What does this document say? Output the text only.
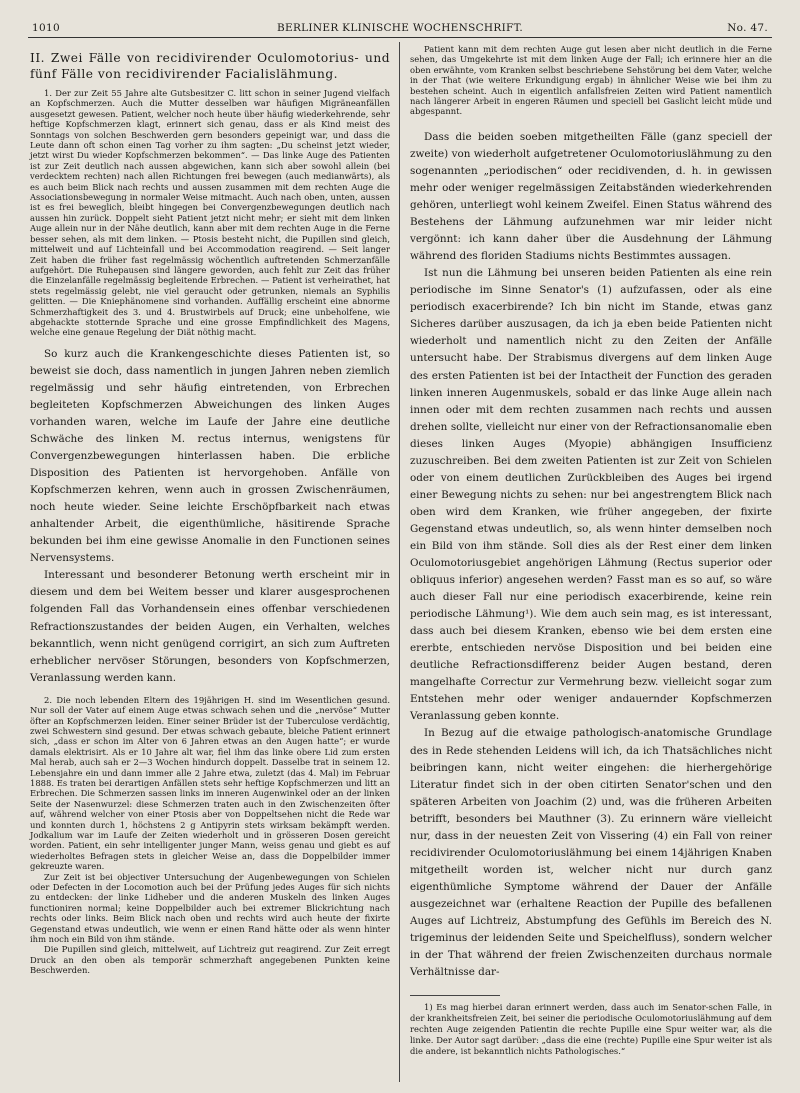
1010	BERLINER KLINISCHE WOCHENSCHRIFT.	No. 47.

II. Zwei Fälle von recidivirender Oculomotorius- und fünf Fälle von recidivirender Facialislähmung.

1. Der zur Zeit 55 Jahre alte Gutsbesitzer C. litt schon in seiner Jugend vielfach an Kopfschmerzen. Auch die Mutter desselben war häufigen Migräneanfällen ausgesetzt gewesen. Patient, welcher noch heute über häufig wiederkehrende, sehr heftige Kopfschmerzen klagt, erinnert sich genau, dass er als Kind meist des Sonntags von solchen Beschwerden gern besonders gepeinigt war, und dass die Leute dann oft schon einen Tag vorher zu ihm sagten: „Du scheinst jetzt wieder, jetzt wirst Du wieder Kopfschmerzen bekommen“. — Das linke Auge des Patienten ist zur Zeit deutlich nach aussen abgewichen, kann sich aber sowohl allein (bei verdecktem rechten) nach allen Richtungen frei bewegen (auch medianwärts), als es auch beim Blick nach rechts und aussen zusammen mit dem rechten Auge die Associationsbewegung in normaler Weise mitmacht. Auch nach oben, unten, aussen ist es frei beweglich, bleibt hingegen bei Convergenzbewegungen deutlich nach aussen hin zurück. Doppelt sieht Patient jetzt nicht mehr; er sieht mit dem linken Auge allein nur in der Nähe deutlich, kann aber mit dem rechten Auge in die Ferne besser sehen, als mit dem linken. — Ptosis besteht nicht, die Pupillen sind gleich, mittelweit und auf Lichteinfall und bei Accommodation reagirend. — Seit langer Zeit haben die früher fast regelmässig wöchentlich auftretenden Schmerzanfälle aufgehört. Die Ruhepausen sind längere geworden, auch fehlt zur Zeit das früher die Einzelanfälle regelmässig begleitende Erbrechen. — Patient ist verheirathet, hat stets regelmässig gelebt, nie viel geraucht oder getrunken, niemals an Syphilis gelitten. — Die Kniephänomene sind vorhanden. Auffällig erscheint eine abnorme Schmerzhaftigkeit des 3. und 4. Brustwirbels auf Druck; eine unbeholfene, wie abgehackte stotternde Sprache und eine grosse Empfindlichkeit des Magens, welche eine genaue Regelung der Diät nöthig macht.

So kurz auch die Krankengeschichte dieses Patienten ist, so beweist sie doch, dass namentlich in jungen Jahren neben ziemlich regelmässig und sehr häufig eintretenden, von Erbrechen begleiteten Kopfschmerzen Abweichungen des linken Auges vorhanden waren, welche im Laufe der Jahre eine deutliche Schwäche des linken M. rectus internus, wenigstens für Convergenzbewegungen hinterlassen haben. Die erbliche Disposition des Patienten ist hervorgehoben. Anfälle von Kopfschmerzen kehren, wenn auch in grossen Zwischenräumen, noch heute wieder. Seine leichte Erschöpfbarkeit nach etwas anhaltender Arbeit, die eigenthümliche, häsitirende Sprache bekunden bei ihm eine gewisse Anomalie in den Functionen seines Nervensystems.

Interessant und besonderer Betonung werth erscheint mir in diesem und dem bei Weitem besser und klarer ausgesprochenen folgenden Fall das Vorhandensein eines offenbar verschiedenen Refractionszustandes der beiden Augen, ein Verhalten, welches bekanntlich, wenn nicht genügend corrigirt, an sich zum Auftreten erheblicher nervöser Störungen, besonders von Kopfschmerzen, Veranlassung werden kann.

2. Die noch lebenden Eltern des 19jährigen H. sind im Wesentlichen gesund. Nur soll der Vater auf einem Auge etwas schwach sehen und die „nervöse“ Mutter öfter an Kopfschmerzen leiden. Einer seiner Brüder ist der Tuberculose verdächtig, zwei Schwestern sind gesund. Der etwas schwach gebaute, bleiche Patient erinnert sich, „dass er schon im Alter von 6 Jahren etwas an den Augen hatte“; er wurde damals elektrisirt. Als er 10 Jahre alt war, fiel ihm das linke obere Lid zum ersten Mal herab, auch sah er 2—3 Wochen hindurch doppelt. Dasselbe trat in seinem 12. Lebensjahre ein und dann immer alle 2 Jahre etwa, zuletzt (das 4. Mal) im Februar 1888. Es traten bei derartigen Anfällen stets sehr heftige Kopfschmerzen und litt an Erbrechen. Die Schmerzen sassen links im inneren Augenwinkel oder an der linken Seite der Nasenwurzel: diese Schmerzen traten auch in den Zwischenzeiten öfter auf, während welcher von einer Ptosis aber von Doppeltsehen nicht die Rede war und konnten durch 1, höchstens 2 g Antipyrin stets wirksam bekämpft werden. Jodkalium war im Laufe der Zeiten wiederholt und in grösseren Dosen gereicht worden. Patient, ein sehr intelligenter junger Mann, weiss genau und giebt es auf wiederholtes Befragen stets in gleicher Weise an, dass die Doppelbilder immer gekreuzte waren.

Zur Zeit ist bei objectiver Untersuchung der Augenbewegungen von Schielen oder Defecten in der Locomotion auch bei der Prüfung jedes Auges für sich nichts zu entdecken: der linke Lidheber und die anderen Muskeln des linken Auges functioniren normal; keine Doppelbilder auch bei extremer Blickrichtung nach rechts oder links. Beim Blick nach oben und rechts wird auch heute der fixirte Gegenstand etwas undeutlich, wie wenn er einen Rand hätte oder als wenn hinter ihm noch ein Bild von ihm stände.

Die Pupillen sind gleich, mittelweit, auf Lichtreiz gut reagirend. Zur Zeit erregt Druck an den oben als temporär schmerzhaft angegebenen Punkten keine Beschwerden.

Patient kann mit dem rechten Auge gut lesen aber nicht deutlich in die Ferne sehen, das Umgekehrte ist mit dem linken Auge der Fall; ich erinnere hier an die oben erwähnte, vom Kranken selbst beschriebene Sehstörung bei dem Vater, welche in der That (wie weitere Erkundigung ergab) in ähnlicher Weise wie bei ihm zu bestehen scheint. Auch in eigentlich anfallsfreien Zeiten wird Patient namentlich nach längerer Arbeit in engeren Räumen und speciell bei Gaslicht leicht müde und abgespannt.

Dass die beiden soeben mitgetheilten Fälle (ganz speciell der zweite) von wiederholt aufgetretener Oculomotoriuslähmung zu den sogenannten „periodischen“ oder recidivenden, d. h. in gewissen mehr oder weniger regelmässigen Zeitabständen wiederkehrenden gehören, unterliegt wohl keinem Zweifel. Einen Status während des Bestehens der Lähmung aufzunehmen war mir leider nicht vergönnt: ich kann daher über die Ausdehnung der Lähmung während des floriden Stadiums nichts Bestimmtes aussagen.

Ist nun die Lähmung bei unseren beiden Patienten als eine rein periodische im Sinne Senator's (1) aufzufassen, oder als eine periodisch exacerbirende? Ich bin nicht im Stande, etwas ganz Sicheres darüber auszusagen, da ich ja eben beide Patienten nicht wiederholt und namentlich nicht zu den Zeiten der Anfälle untersucht habe. Der Strabismus divergens auf dem linken Auge des ersten Patienten ist bei der Intactheit der Function des geraden linken inneren Augenmuskels, sobald er das linke Auge allein nach innen oder mit dem rechten zusammen nach rechts und aussen drehen sollte, vielleicht nur einer von der Refractionsanomalie eben dieses linken Auges (Myopie) abhängigen Insufficienz zuzuschreiben. Bei dem zweiten Patienten ist zur Zeit von Schielen oder von einem deutlichen Zurückbleiben des Auges bei irgend einer Bewegung nichts zu sehen: nur bei angestrengtem Blick nach oben wird dem Kranken, wie früher angegeben, der fixirte Gegenstand etwas undeutlich, so, als wenn hinter demselben noch ein Bild von ihm stände. Soll dies als der Rest einer dem linken Oculomotoriusgebiet angehörigen Lähmung (Rectus superior oder obliquus inferior) angesehen werden? Fasst man es so auf, so wäre auch dieser Fall nur eine periodisch exacerbirende, keine rein periodische Lähmung¹). Wie dem auch sein mag, es ist interessant, dass auch bei diesem Kranken, ebenso wie bei dem ersten eine ererbte, entschieden nervöse Disposition und bei beiden eine deutliche Refractionsdifferenz beider Augen bestand, deren mangelhafte Correctur zur Vermehrung bezw. vielleicht sogar zum Entstehen mehr oder weniger andauernder Kopfschmerzen Veranlassung geben konnte.

In Bezug auf die etwaige pathologisch-anatomische Grundlage des in Rede stehenden Leidens will ich, da ich Thatsächliches nicht beibringen kann, nicht weiter eingehen: die hierhergehörige Literatur findet sich in der oben citirten Senator'schen und den späteren Arbeiten von Joachim (2) und, was die früheren Arbeiten betrifft, besonders bei Mauthner (3). Zu erinnern wäre vielleicht nur, dass in der neuesten Zeit von Vissering (4) ein Fall von reiner recidivirender Oculomotoriuslähmung bei einem 14jährigen Knaben mitgetheilt worden ist, welcher nicht nur durch ganz eigenthümliche Symptome während der Dauer der Anfälle ausgezeichnet war (erhaltene Reaction der Pupille des befallenen Auges auf Lichtreiz, Abstumpfung des Gefühls im Bereich des N. trigeminus der leidenden Seite und Speichelfluss), sondern welcher in der That während der freien Zwischenzeiten durchaus normale Verhältnisse dar-

1) Es mag hierbei daran erinnert werden, dass auch im Senator-schen Falle, in der krankheitsfreien Zeit, bei seiner die periodische Oculomotoriuslähmung auf dem rechten Auge zeigenden Patientin die rechte Pupille eine Spur weiter war, als die linke. Der Autor sagt darüber: „dass die eine (rechte) Pupille eine Spur weiter ist als die andere, ist bekanntlich nichts Pathologisches.“
